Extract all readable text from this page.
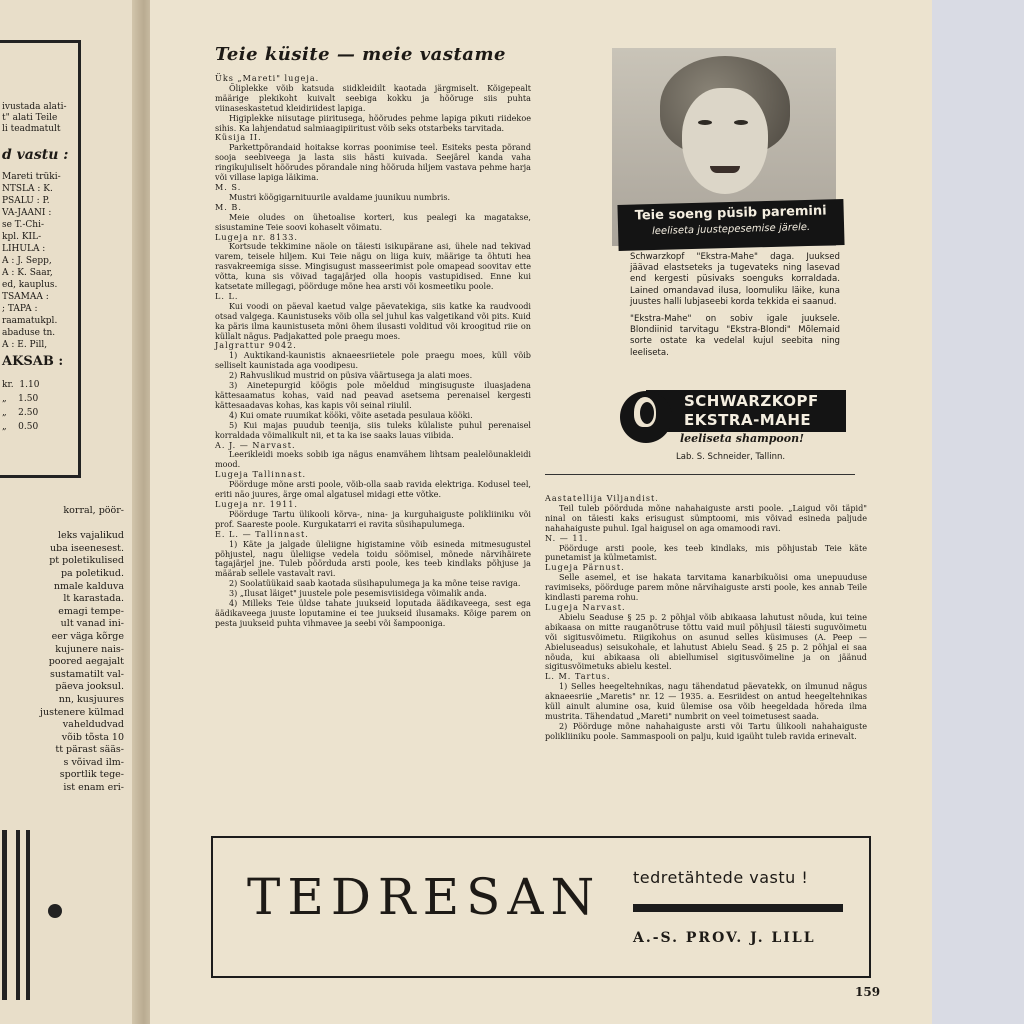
ivustada alati-
t" alati Teile
li teadmatult
d vastu :
Mareti trüki-
NTSLA : K.
PSALU : P.
VA-JAANI :
se T.-Chi-
kpl. KIL-
LIHULA :
A : J. Sepp,
A : K. Saar,
ed, kauplus.
TSAMAA :
; TAPA :
raamatukpl.
abaduse tn.
A : E. Pill,
AKSAB :
kr. 1.10
„ 1.50
„ 2.50
„ 0.50
korral, pöör-

leks vajalikud
uba iseenesest.
pt poletikulised
pa poletikud.
nmale kalduva
lt karastada.
emagi tempe-
ult vanad ini-
eer väga kõrge
kujunere nais-
poored aegajalt
sustamatilt val-
päeva jooksul.
nn, kusjuures
justenere külmad
vaheldudvad
võib tõsta 10
tt pärast sääs-
s võivad ilm-
sportlik tege-
ist enam eri-
Teie küsite — meie vastame

Üks „Mareti" lugeja.

Õliplekke võib katsuda siidkleidilt kaotada järgmiselt. Kõigepealt määrige plekikoht kuivalt seebiga kokku ja hõõruge siis puhta viinaseskastetud kleidiriidest lapiga.

Higiplekke niisutage piiritusega, hõõrudes pehme lapiga pikuti riidekoe sihis. Ka lahjendatud salmiaagipiiritust võib seks otstarbeks tarvitada.

Küsija II.

Parkettpõrandaid hoitakse korras poonimise teel. Esiteks pesta põrand sooja seebiveega ja lasta siis hästi kuivada. Seejärel kanda vaha ringikujuliselt hõõrudes põrandale ning hõõruda hiljem vastava pehme harja või villase lapiga läikima.

M. S.

Mustri köögigarnituurile avaldame juunikuu numbris.

M. B.

Meie oludes on ühetoalise korteri, kus pealegi ka magatakse, sisustamine Teie soovi kohaselt võimatu.

Lugeja nr. 8133.

Kortsude tekkimine näole on täiesti isikupärane asi, ühele nad tekivad varem, teisele hiljem. Kui Teie nägu on liiga kuiv, määrige ta õhtuti hea rasvakreemiga sisse. Mingisugust masseerimist pole omapead soovitav ette võtta, kuna sis võivad tagajärjed olla hoopis vastupidised. Enne kui katsetate millegagi, pöörduge mõne hea arsti või kosmeetiku poole.

L. L.

Kui voodi on päeval kaetud valge päevatekiga, siis katke ka raudvoodi otsad valgega. Kaunistuseks võib olla sel juhul kas valgetikand või pits. Kuid ka päris ilma kaunistuseta mõni õhem ilusasti volditud või kroogitud riie on küllalt nägus. Padjakatted pole praegu moes.

Jalgrattur 9042.

1) Auktikand-kaunistis aknaeesriietele pole praegu moes, küll võib selliselt kaunistada aga voodipesu.

2) Rahvuslikud mustrid on püsiva väärtusega ja alati moes.

3) Ainetepurgid köögis pole mõeldud mingisuguste iluasjadena kättesaamatus kohas, vaid nad peavad asetsema perenaisel kergesti kättesaadavas kohas, kas kapis või seinal riiulil.

4) Kui omate ruumikat kööki, võite asetada pesulaua kööki.

5) Kui majas puudub teenija, siis tuleks külaliste puhul perenaisel korraldada võimalikult nii, et ta ka ise saaks lauas viibida.

A. J. — Narvast.

Leerikleidi moeks sobib iga nägus enamvähem lihtsam pealelõunakleidi mood.

Lugeja Tallinnast.

Pöörduge mõne arsti poole, võib-olla saab ravida elektriga. Kodusel teel, eriti näo juures, ärge omal algatusel midagi ette võtke.

Lugeja nr. 1911.

Pöörduge Tartu ülikooli kõrva-, nina- ja kurguhaiguste polikliiniku või prof. Saareste poole. Kurgukatarri ei ravita süsihapulumega.

E. L. — Tallinnast.

1) Käte ja jalgade üleliigne higistamine võib esineda mitmesugustel põhjustel, nagu üleliigse vedela toidu söömisel, mõnede närvihäirete tagajärjel jne. Tuleb pöörduda arsti poole, kes teeb kindlaks põhjuse ja määrab sellele vastavalt ravi.

2) Soolatüükaid saab kaotada süsihapulumega ja ka mõne teise raviga.

3) „Ilusat läiget" juustele pole pesemisviisidega võimalik anda.

4) Milleks Teie üldse tahate juukseid loputada äädikaveega, sest ega äädikaveega juuste loputamine ei tee juukseid ilusamaks. Kõige parem on pesta juukseid puhta vihmavee ja seebi või šampooniga.

Teie soeng püsib paremini
leeliseta juustepesemise järele.

Schwarzkopf "Ekstra-Mahe" daga. Juuksed jäävad elastseteks ja tugevateks ning lasevad end kergesti püsivaks soenguks korraldada. Lained omandavad ilusa, loomuliku läike, kuna juustes halli lubjaseebi korda tekkida ei saanud.

"Ekstra-Mahe" on sobiv igale juuksele. Blondiinid tarvitagu "Ekstra-Blondi" Mõlemaid sorte ostate ka vedelal kujul seebita ning leeliseta.

SCHWARZKOPF
EKSTRA-MAHE
leeliseta shampoon!
Lab. S. Schneider, Tallinn.

Aastatellija Viljandist.

Teil tuleb pöörduda mõne nahahaiguste arsti poole. „Laigud või täpid" ninal on täiesti kaks erisugust sümptoomi, mis võivad esineda paljude nahahaiguste puhul. Igal haigusel on aga omamoodi ravi.

N. — 11.

Pöörduge arsti poole, kes teeb kindlaks, mis põhjustab Teie käte punetamist ja külmetamist.

Lugeja Pärnust.

Selle asemel, et ise hakata tarvitama kanarbikuõisi oma unepuuduse ravimiseks, pöörduge parem mõne närvihaiguste arsti poole, kes annab Teile kindlasti parema rohu.

Lugeja Narvast.

Abielu Seaduse § 25 p. 2 põhjal võib abikaasa lahutust nõuda, kui teine abikaasa on mitte rauganõtruse tõttu vaid muil põhjusil täiesti suguvõimetu või sigitusvõimetu. Riigikohus on asunud selles küsimuses (A. Peep — Abieluseadus) seisukohale, et lahutust Abielu Sead. § 25 p. 2 põhjal ei saa nõuda, kui abikaasa oli abiellumisel sigitusvõimeline ja on jäänud sigitusvõimetuks abielu kestel.

L. M. Tartus.

1) Selles heegeltehnikas, nagu tähendatud päevatekk, on ilmunud nägus aknaeesriie „Maretis" nr. 12 — 1935. a. Eesriidest on antud heegeltehnikas küll ainult alumine osa, kuid ülemise osa võib heegeldada hõreda ilma mustrita. Tähendatud „Mareti" numbrit on veel toimetusest saada.

2) Pöörduge mõne nahahaiguste arsti või Tartu ülikooli nahahaiguste polikliiniku poole. Sammaspooli on palju, kuid igaüht tuleb ravida erinevalt.

TEDRESAN tedretähtede vastu !
A.-S. PROV. J. LILL
159
